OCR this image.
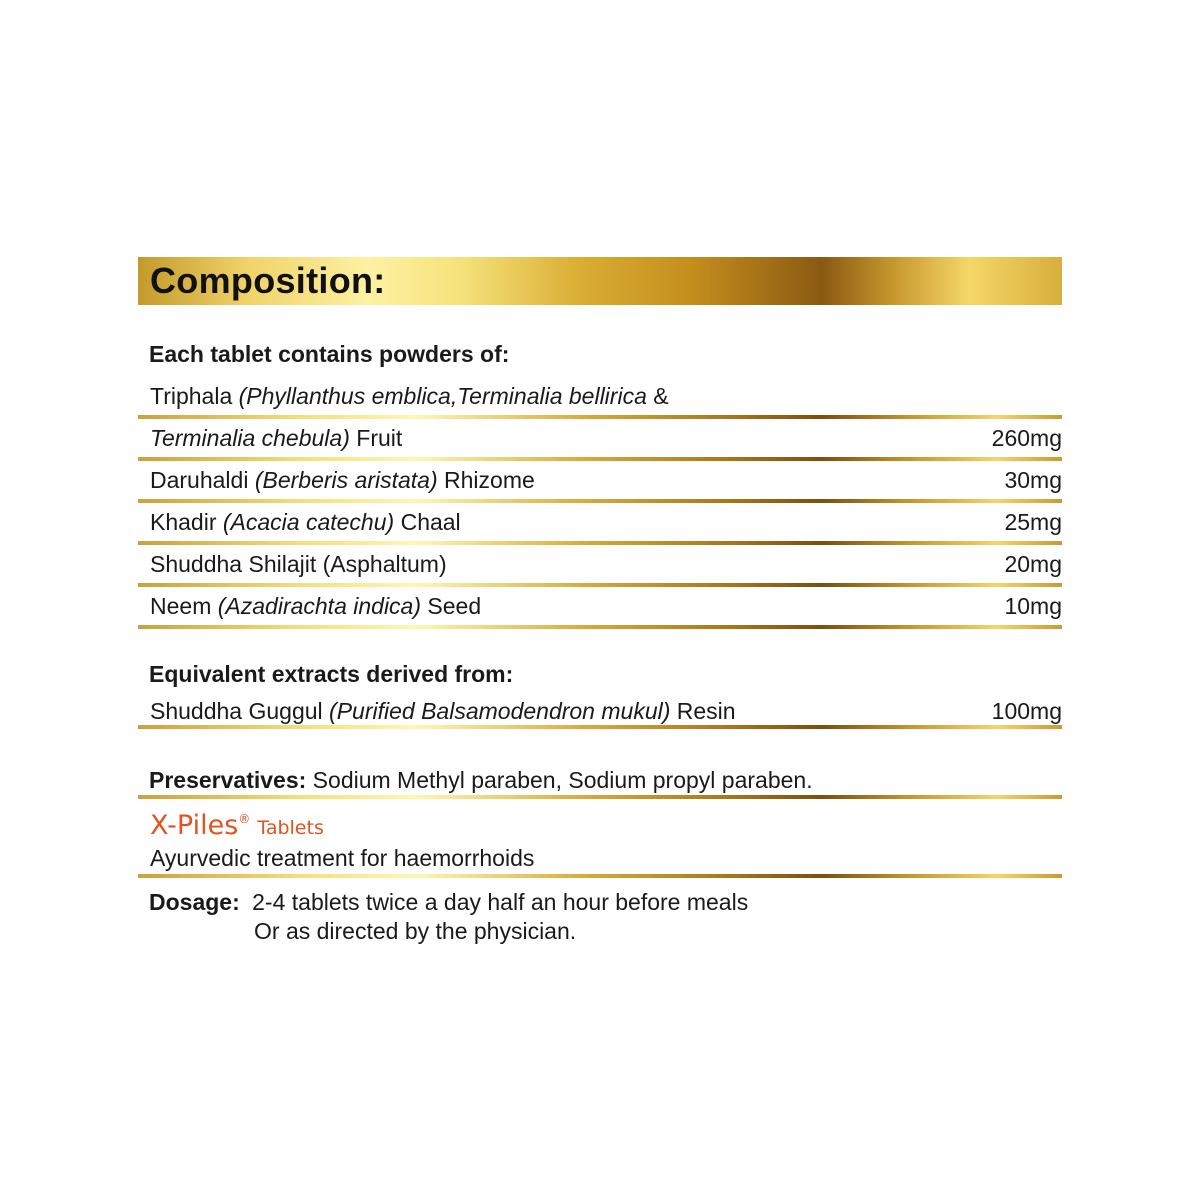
Composition:
Each tablet contains powders of:
Triphala (Phyllanthus emblica,Terminalia bellirica &
Terminalia chebula) Fruit	260mg
Daruhaldi (Berberis aristata) Rhizome	30mg
Khadir (Acacia catechu) Chaal	25mg
Shuddha Shilajit (Asphaltum)	20mg
Neem (Azadirachta indica) Seed	10mg
Equivalent extracts derived from:
Shuddha Guggul (Purified Balsamodendron mukul) Resin	100mg
Preservatives: Sodium Methyl paraben, Sodium propyl paraben.
X-Piles® Tablets
Ayurvedic treatment for haemorrhoids
Dosage: 2-4 tablets twice a day half an hour before meals
Or as directed by the physician.
